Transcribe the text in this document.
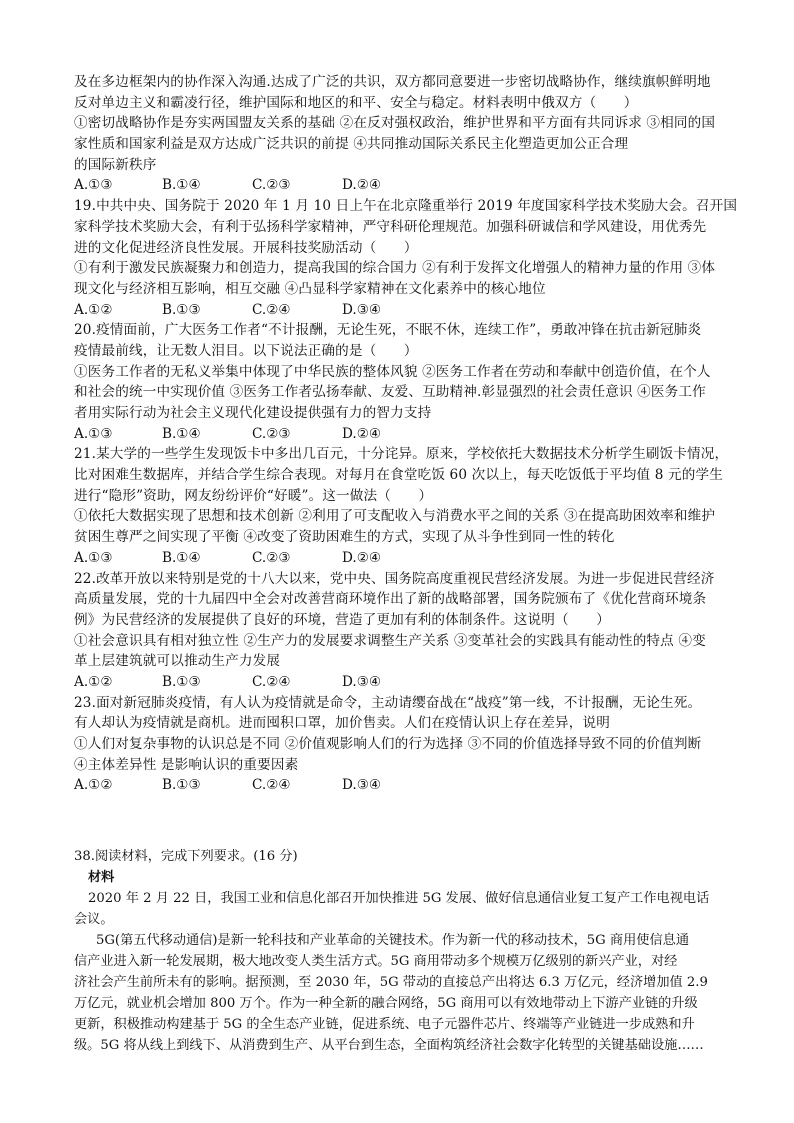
及在多边框架内的协作深入沟通.达成了广泛的共识，双方都同意要进一步密切战略协作，继续旗帜鲜明地
反对单边主义和霸凌行径，维护国际和地区的和平、安全与稳定。材料表明中俄双方（　　）
①密切战略协作是夯实两国盟友关系的基础 ②在反对强权政治，维护世界和平方面有共同诉求 ③相同的国
家性质和国家利益是双方达成广泛共识的前提 ④共同推动国际关系民主化塑造更加公正合理
的国际新秩序
A.①③	B.①④	C.②③	D.②④
19.中共中央、国务院于 2020 年 1 月 10 日上午在北京隆重举行 2019 年度国家科学技术奖励大会。召开国
家科学技术奖励大会，有利于弘扬科学家精神，严守科研伦理规范。加强科研诚信和学风建设，用优秀先
进的文化促进经济良性发展。开展科技奖励活动（　　）
①有利于激发民族凝聚力和创造力，提高我国的综合国力 ②有利于发挥文化增强人的精神力量的作用 ③体
现文化与经济相互影响，相互交融 ④凸显科学家精神在文化素养中的核心地位
A.①②	B.①③	C.②④	D.③④
20.疫情面前，广大医务工作者“不计报酬，无论生死，不眠不休，连续工作”，勇敢冲锋在抗击新冠肺炎
疫情最前线，让无数人泪目。以下说法正确的是（　　）
①医务工作者的无私义举集中体现了中华民族的整体风貌 ②医务工作者在劳动和奉献中创造价值，在个人
和社会的统一中实现价值 ③医务工作者弘扬奉献、友爱、互助精神.彰显强烈的社会责任意识 ④医务工作
者用实际行动为社会主义现代化建设提供强有力的智力支持
A.①③	B.①④	C.②③	D.②④
21.某大学的一些学生发现饭卡中多出几百元，十分诧异。原来，学校依托大数据技术分析学生刷饭卡情况，
比对困难生数据库，并结合学生综合表现。对每月在食堂吃饭 60 次以上，每天吃饭低于平均值 8 元的学生
进行“隐形”资助，网友纷纷评价“好暖”。这一做法（　　）
①依托大数据实现了思想和技术创新 ②利用了可支配收入与消费水平之间的关系 ③在提高助困效率和维护
贫困生尊严之间实现了平衡 ④改变了资助困难生的方式，实现了从斗争性到同一性的转化
A.①③	B.①④	C.②③	D.②④
22.改革开放以来特别是党的十八大以来，党中央、国务院高度重视民营经济发展。为进一步促进民营经济
高质量发展，党的十九届四中全会对改善营商环境作出了新的战略部署，国务院颁布了《优化营商环境条
例》为民营经济的发展提供了良好的环境，营造了更加有利的体制条件。这说明（　　）
①社会意识具有相对独立性 ②生产力的发展要求调整生产关系 ③变革社会的实践具有能动性的特点 ④变
革上层建筑就可以推动生产力发展
A.①②	B.①③	C.②④	D.③④
23.面对新冠肺炎疫情，有人认为疫情就是命令，主动请缨奋战在“战疫”第一线，不计报酬，无论生死。
有人却认为疫情就是商机。进而囤积口罩，加价售卖。人们在疫情认识上存在差异，说明
①人们对复杂事物的认识总是不同 ②价值观影响人们的行为选择 ③不同的价值选择导致不同的价值判断
④主体差异性 是影响认识的重要因素
A.①②	B.①③	C.②④	D.③④
38.阅读材料，完成下列要求。(16 分)
材料
2020 年 2 月 22 日，我国工业和信息化部召开加快推进 5G 发展、做好信息通信业复工复产工作电视电话
会议。
5G(第五代移动通信)是新一轮科技和产业革命的关键技术。作为新一代的移动技术，5G 商用使信息通
信产业进入新一轮发展期，极大地改变人类生活方式。5G 商用带动多个规模万亿级别的新兴产业，对经
济社会产生前所未有的影响。据预测，至 2030 年，5G 带动的直接总产出将达 6.3 万亿元，经济增加值 2.9
万亿元，就业机会增加 800 万个。作为一种全新的融合网络，5G 商用可以有效地带动上下游产业链的升级
更新，积极推动构建基于 5G 的全生态产业链，促进系统、电子元器件芯片、终端等产业链进一步成熟和升
级。5G 将从线上到线下、从消费到生产、从平台到生态，全面构筑经济社会数字化转型的关键基础设施……
